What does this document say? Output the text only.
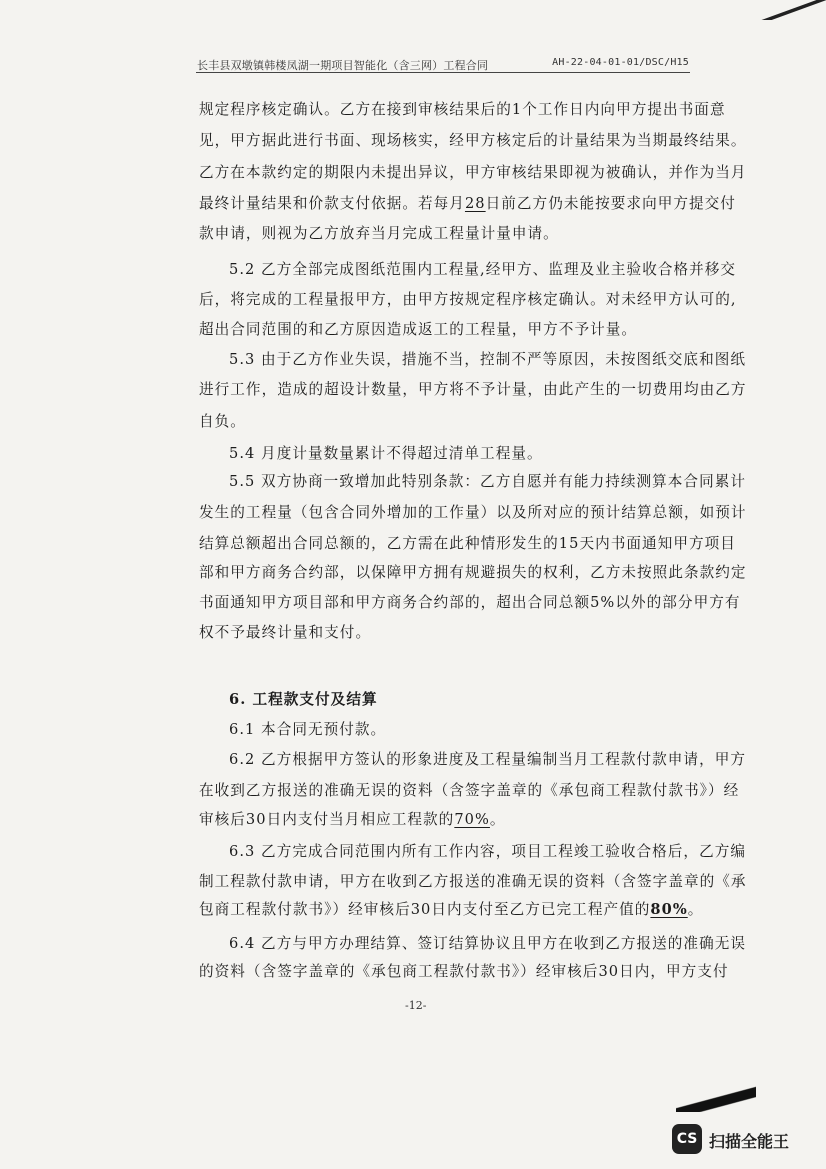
长丰县双墩镇韩楼凤湖一期项目智能化（含三网）工程合同	AH-22-04-01-01/DSC/H15
规定程序核定确认。乙方在接到审核结果后的1个工作日内向甲方提出书面意
见，甲方据此进行书面、现场核实，经甲方核定后的计量结果为当期最终结果。
乙方在本款约定的期限内未提出异议，甲方审核结果即视为被确认，并作为当月
最终计量结果和价款支付依据。若每月28日前乙方仍未能按要求向甲方提交付
款申请，则视为乙方放弃当月完成工程量计量申请。
5.2 乙方全部完成图纸范围内工程量,经甲方、监理及业主验收合格并移交
后，将完成的工程量报甲方，由甲方按规定程序核定确认。对未经甲方认可的,
超出合同范围的和乙方原因造成返工的工程量，甲方不予计量。
5.3 由于乙方作业失误，措施不当，控制不严等原因，未按图纸交底和图纸
进行工作，造成的超设计数量，甲方将不予计量，由此产生的一切费用均由乙方
自负。
5.4 月度计量数量累计不得超过清单工程量。
5.5 双方协商一致增加此特别条款：乙方自愿并有能力持续测算本合同累计
发生的工程量（包含合同外增加的工作量）以及所对应的预计结算总额，如预计
结算总额超出合同总额的，乙方需在此种情形发生的15天内书面通知甲方项目
部和甲方商务合约部，以保障甲方拥有规避损失的权利，乙方未按照此条款约定
书面通知甲方项目部和甲方商务合约部的，超出合同总额5%以外的部分甲方有
权不予最终计量和支付。
6. 工程款支付及结算
6.1 本合同无预付款。
6.2 乙方根据甲方签认的形象进度及工程量编制当月工程款付款申请，甲方
在收到乙方报送的准确无误的资料（含签字盖章的《承包商工程款付款书》）经
审核后30日内支付当月相应工程款的70%。
6.3 乙方完成合同范围内所有工作内容，项目工程竣工验收合格后，乙方编
制工程款付款申请，甲方在收到乙方报送的准确无误的资料（含签字盖章的《承
包商工程款付款书》）经审核后30日内支付至乙方已完工程产值的80%。
6.4 乙方与甲方办理结算、签订结算协议且甲方在收到乙方报送的准确无误
的资料（含签字盖章的《承包商工程款付款书》）经审核后30日内，甲方支付
-12-
CS 扫描全能王
